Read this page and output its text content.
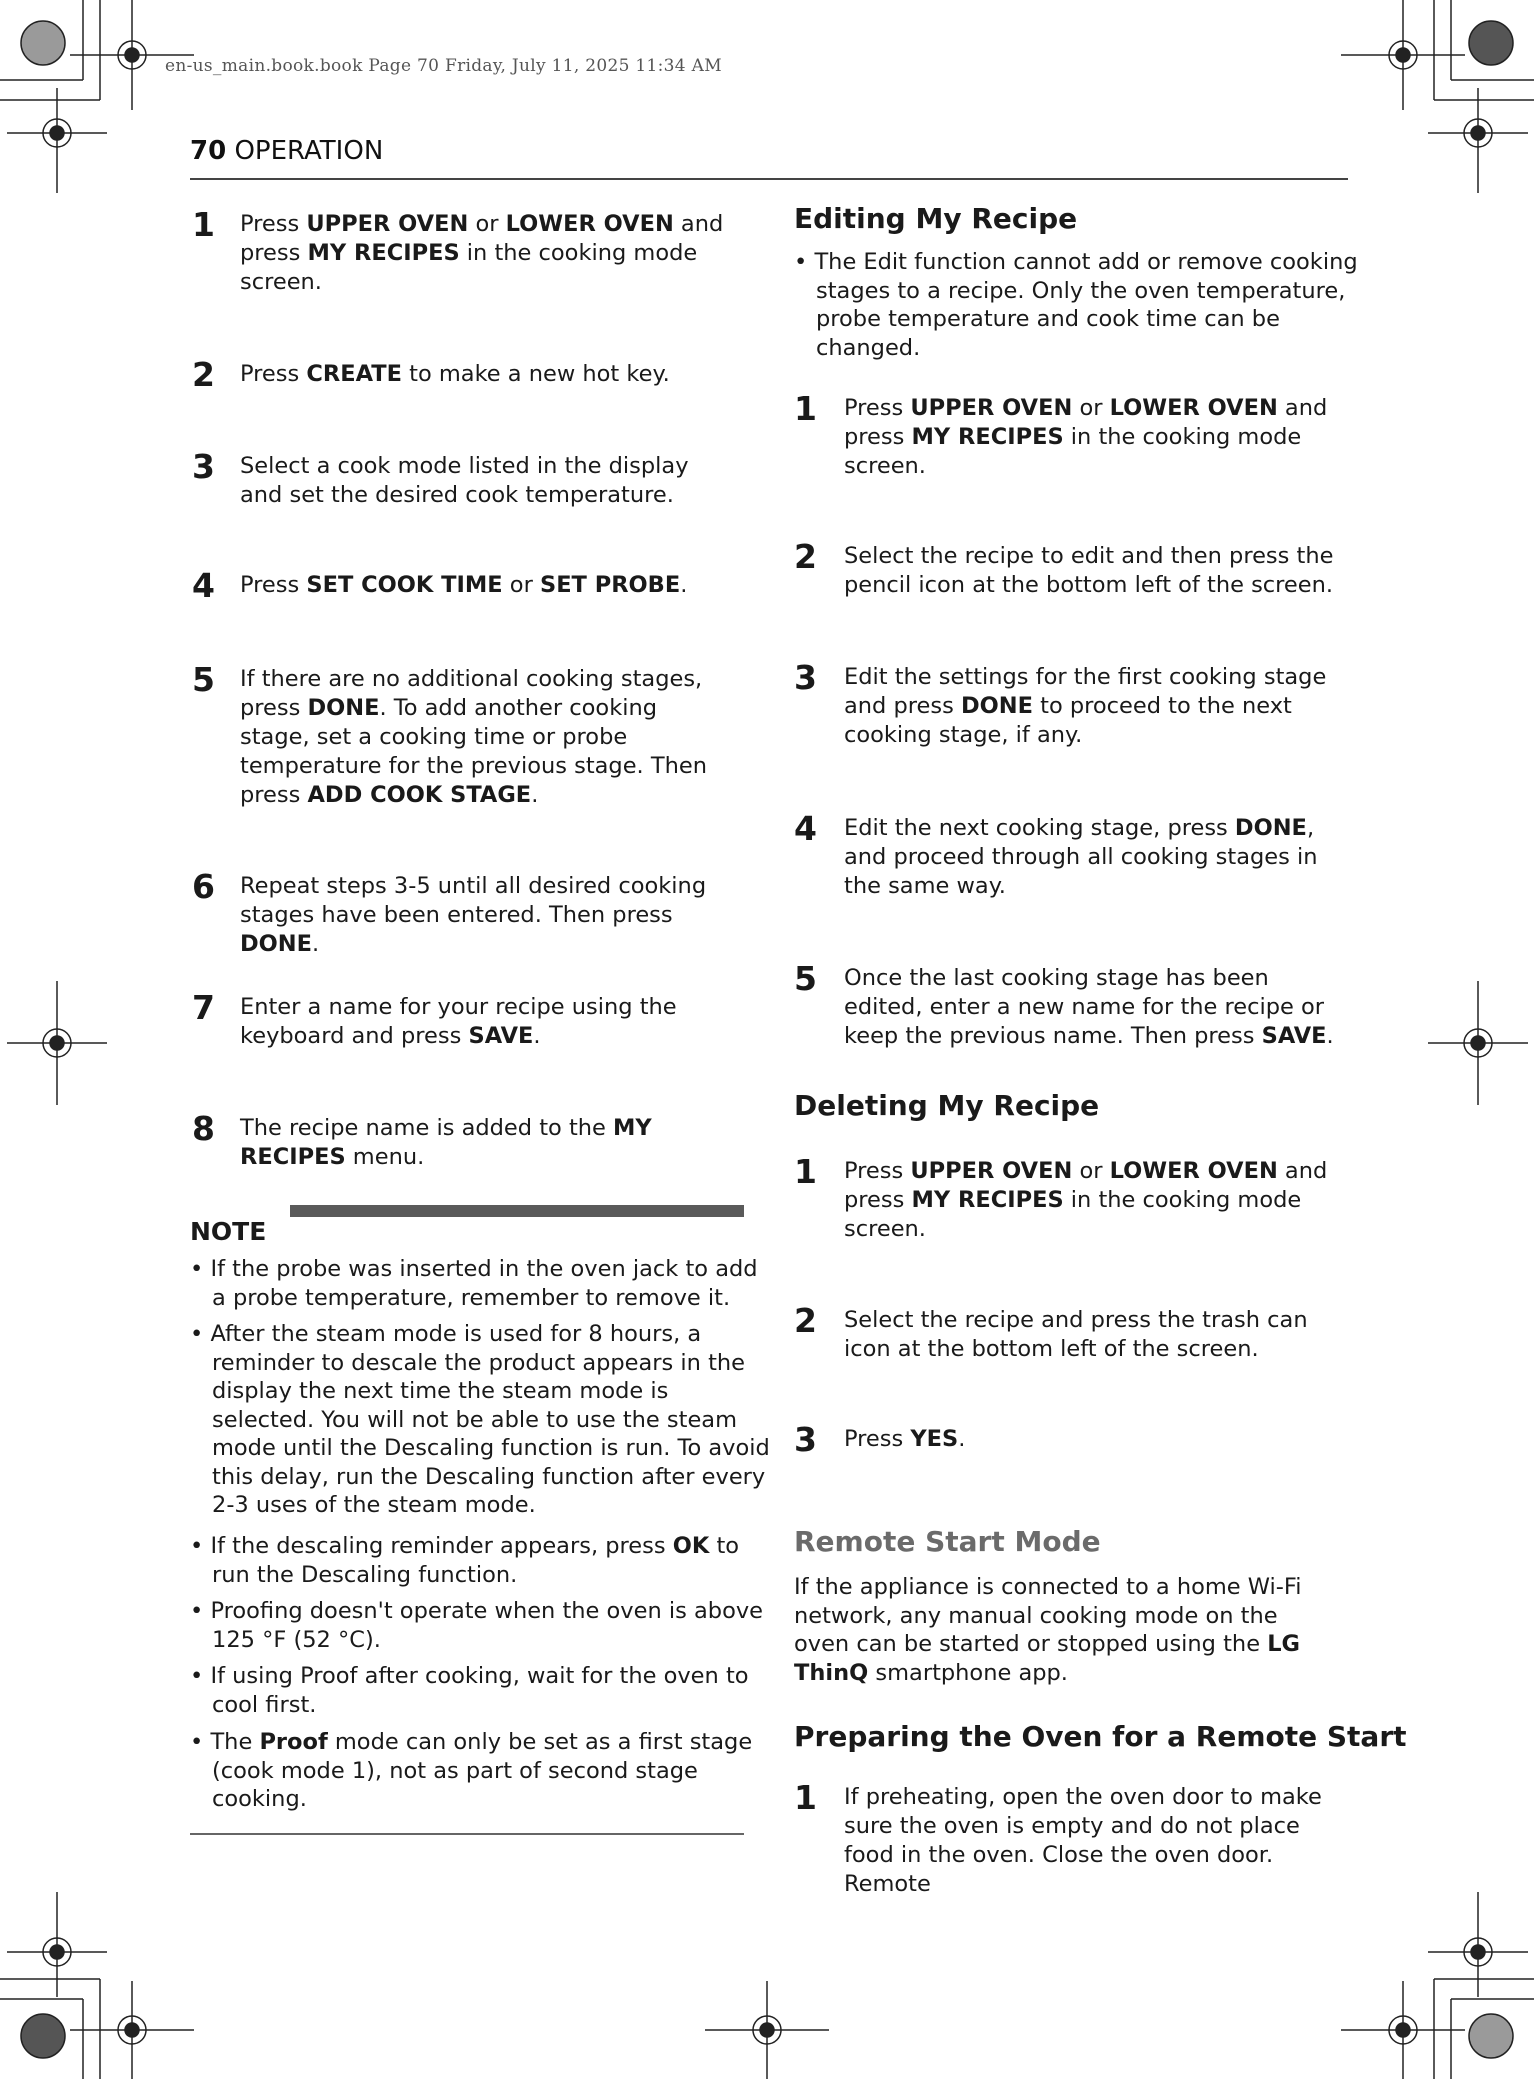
en-us_main.book.book Page 70 Friday, July 11, 2025 11:34 AM
70 OPERATION
1 Press UPPER OVEN or LOWER OVEN and press MY RECIPES in the cooking mode screen.
2 Press CREATE to make a new hot key.
3 Select a cook mode listed in the display and set the desired cook temperature.
4 Press SET COOK TIME or SET PROBE.
5 If there are no additional cooking stages, press DONE. To add another cooking stage, set a cooking time or probe temperature for the previous stage. Then press ADD COOK STAGE.
6 Repeat steps 3-5 until all desired cooking stages have been entered. Then press DONE.
7 Enter a name for your recipe using the keyboard and press SAVE.
8 The recipe name is added to the MY RECIPES menu.
NOTE
• If the probe was inserted in the oven jack to add a probe temperature, remember to remove it.
• After the steam mode is used for 8 hours, a reminder to descale the product appears in the display the next time the steam mode is selected. You will not be able to use the steam mode until the Descaling function is run. To avoid this delay, run the Descaling function after every 2-3 uses of the steam mode.
• If the descaling reminder appears, press OK to run the Descaling function.
• Proofing doesn't operate when the oven is above 125 °F (52 °C).
• If using Proof after cooking, wait for the oven to cool first.
• The Proof mode can only be set as a first stage (cook mode 1), not as part of second stage cooking.
Editing My Recipe
• The Edit function cannot add or remove cooking stages to a recipe. Only the oven temperature, probe temperature and cook time can be changed.
1 Press UPPER OVEN or LOWER OVEN and press MY RECIPES in the cooking mode screen.
2 Select the recipe to edit and then press the pencil icon at the bottom left of the screen.
3 Edit the settings for the first cooking stage and press DONE to proceed to the next cooking stage, if any.
4 Edit the next cooking stage, press DONE, and proceed through all cooking stages in the same way.
5 Once the last cooking stage has been edited, enter a new name for the recipe or keep the previous name. Then press SAVE.
Deleting My Recipe
1 Press UPPER OVEN or LOWER OVEN and press MY RECIPES in the cooking mode screen.
2 Select the recipe and press the trash can icon at the bottom left of the screen.
3 Press YES.
Remote Start Mode
If the appliance is connected to a home Wi-Fi network, any manual cooking mode on the oven can be started or stopped using the LG ThinQ smartphone app.
Preparing the Oven for a Remote Start
1 If preheating, open the oven door to make sure the oven is empty and do not place food in the oven. Close the oven door. Remote
